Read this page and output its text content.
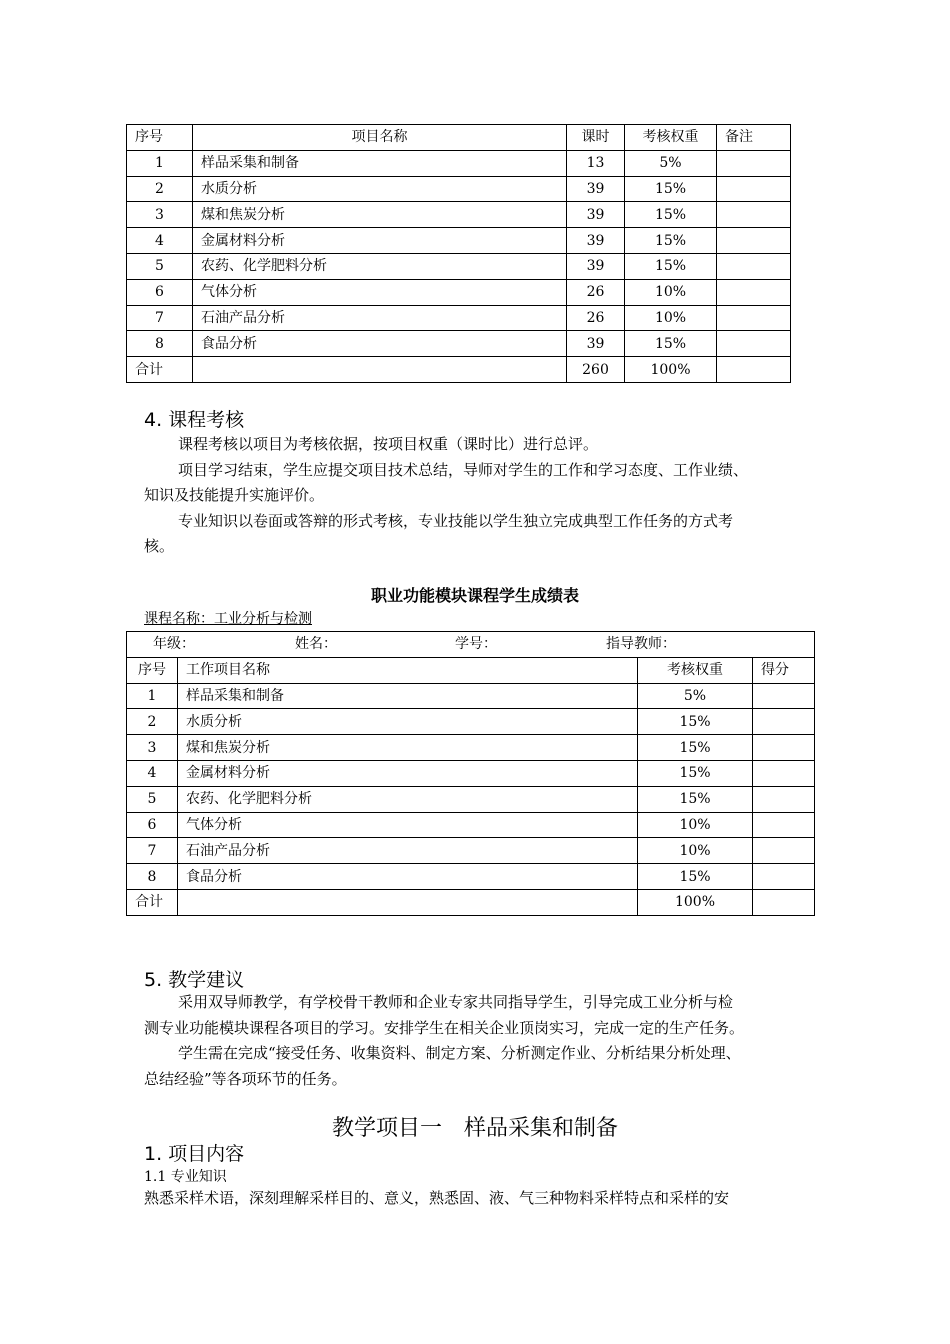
序号	项目名称	课时	考核权重	备注
1	样品采集和制备	13	5%	
2	水质分析	39	15%	
3	煤和焦炭分析	39	15%	
4	金属材料分析	39	15%	
5	农药、化学肥料分析	39	15%	
6	气体分析	26	10%	
7	石油产品分析	26	10%	
8	食品分析	39	15%	
合计		260	100%	
4. 课程考核
课程考核以项目为考核依据，按项目权重（课时比）进行总评。
项目学习结束，学生应提交项目技术总结，导师对学生的工作和学习态度、工作业绩、
知识及技能提升实施评价。
专业知识以卷面或答辩的形式考核，专业技能以学生独立完成典型工作任务的方式考
核。
职业功能模块课程学生成绩表
课程名称：工业分析与检测
年级： 姓名： 学号： 指导教师：			

序号	工作项目名称	考核权重	得分
1	样品采集和制备	5%	
2	水质分析	15%	
3	煤和焦炭分析	15%	
4	金属材料分析	15%	
5	农药、化学肥料分析	15%	
6	气体分析	10%	
7	石油产品分析	10%	
8	食品分析	15%	
合计		100%	
5. 教学建议
采用双导师教学，有学校骨干教师和企业专家共同指导学生，引导完成工业分析与检
测专业功能模块课程各项目的学习。安排学生在相关企业顶岗实习，完成一定的生产任务。
学生需在完成“接受任务、收集资料、制定方案、分析测定作业、分析结果分析处理、
总结经验”等各项环节的任务。
教学项目一　样品采集和制备
1. 项目内容
1.1 专业知识
熟悉采样术语，深刻理解采样目的、意义，熟悉固、液、气三种物料采样特点和采样的安
